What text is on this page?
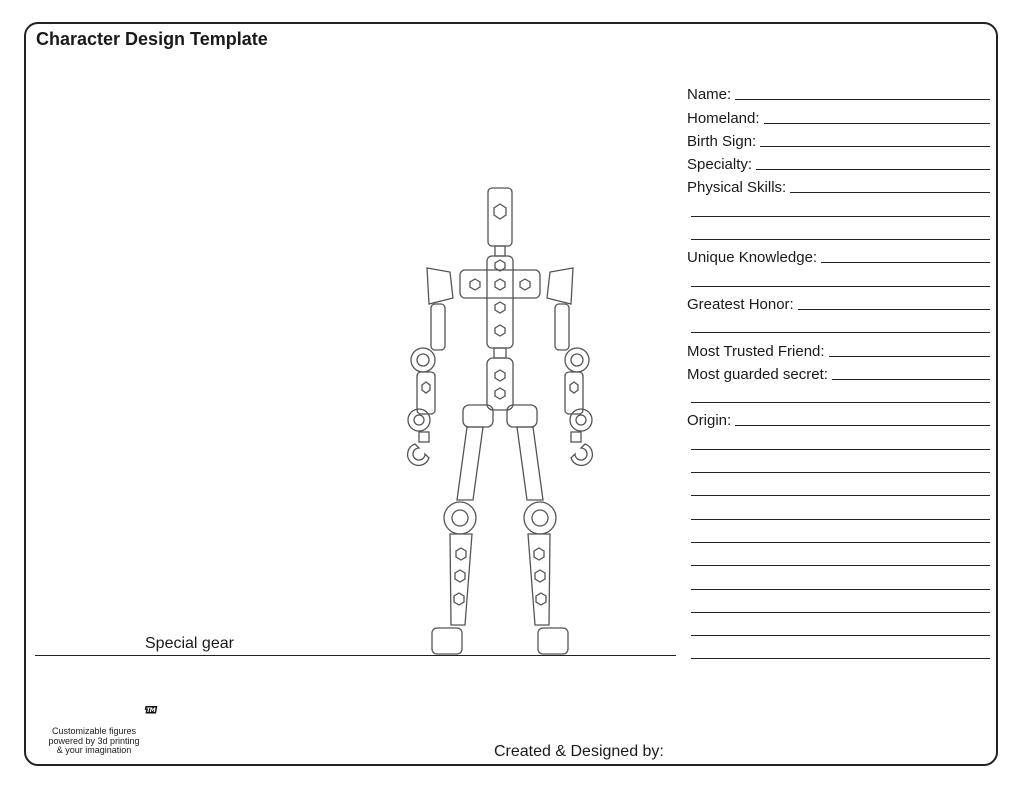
Character Design Template
Name:
Homeland:
Birth Sign:
Specialty:
Physical Skills:
Unique Knowledge:
Greatest Honor:
Most Trusted Friend:
Most guarded secret:
Origin:
Special gear
ModiBotTM
Customizable figures
powered by 3d printing
& your imagination	Created & Designed by:
